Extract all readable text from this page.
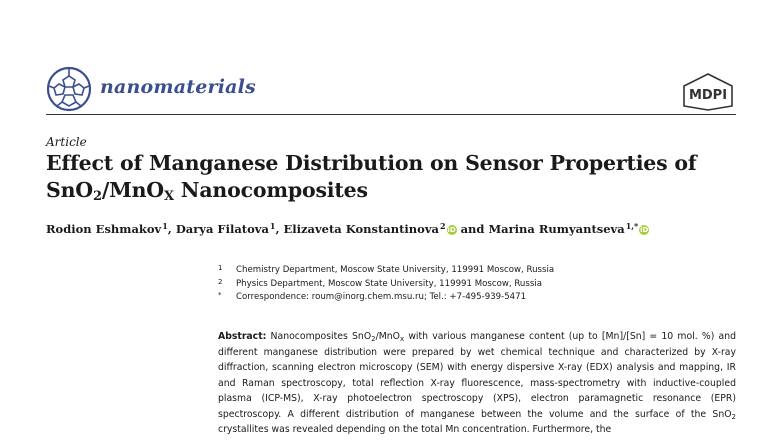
nanomaterials	MDPI
Article
Effect of Manganese Distribution on Sensor Properties of
SnO$_2$/MnO$_X$ Nanocomposites
Rodion Eshmakov$^1$, Darya Filatova$^1$, Elizaveta Konstantinova$^2$ iD and Marina Rumyantseva$^{1,*}$ iD
1 Chemistry Department, Moscow State University, 119991 Moscow, Russia
2 Physics Department, Moscow State University, 119991 Moscow, Russia
* Correspondence: roum@inorg.chem.msu.ru; Tel.: +7-495-939-5471

Abstract: Nanocomposites SnO$_2$/MnO$_x$ with various manganese content (up to [Mn]/[Sn] = 10 mol. %) and different manganese distribution were prepared by wet chemical technique and characterized by X-ray diffraction, scanning electron microscopy (SEM) with energy dispersive X-ray (EDX) analysis and mapping, IR and Raman spectroscopy, total reflection X-ray fluorescence, mass-spectrometry with inductive-coupled plasma (ICP-MS), X-ray photoelectron spectroscopy (XPS), electron paramagnetic resonance (EPR) spectroscopy. A different distribution of manganese between the volume and the surface of the SnO$_2$ crystallites was revealed depending on the total Mn concentration. Furthermore, the
